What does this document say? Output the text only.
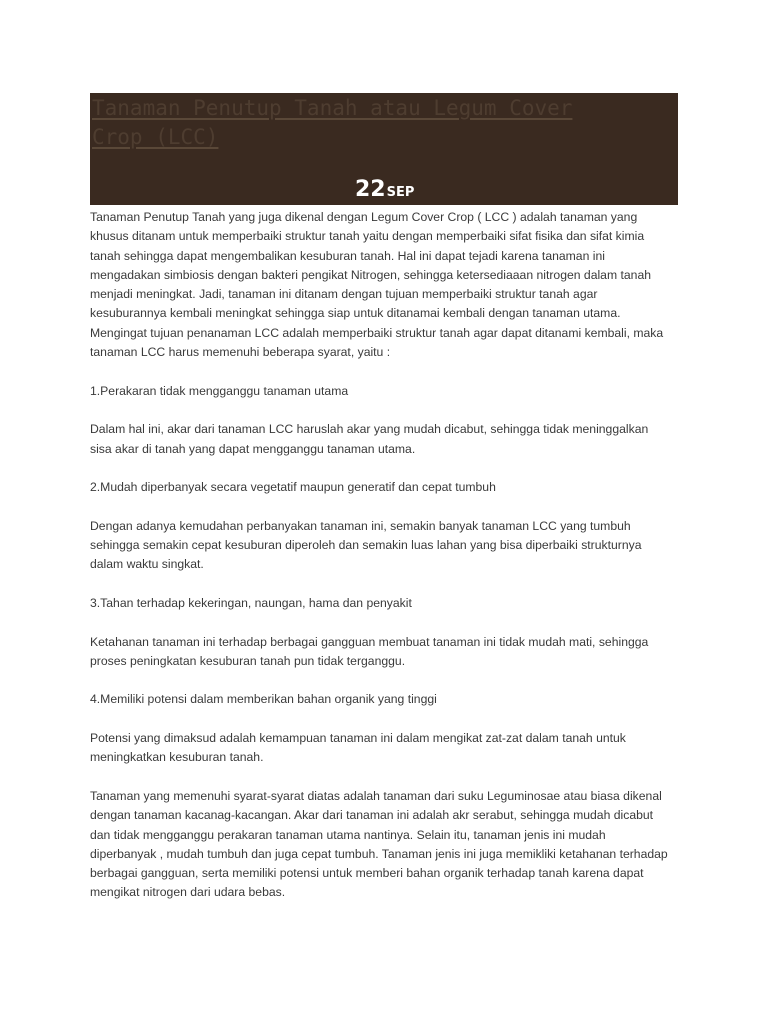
Tanaman Penutup Tanah atau Legum Cover Crop (LCC)
22SEP

Tanaman Penutup Tanah yang juga dikenal dengan Legum Cover Crop ( LCC ) adalah tanaman yang khusus ditanam untuk memperbaiki struktur tanah yaitu dengan memperbaiki sifat fisika dan sifat kimia tanah sehingga dapat mengembalikan kesuburan tanah. Hal ini dapat tejadi karena tanaman ini mengadakan simbiosis dengan bakteri pengikat Nitrogen, sehingga ketersediaaan nitrogen dalam tanah menjadi meningkat. Jadi, tanaman ini ditanam dengan tujuan memperbaiki struktur tanah agar kesuburannya kembali meningkat sehingga siap untuk ditanamai kembali dengan tanaman utama. Mengingat tujuan penanaman LCC adalah memperbaiki struktur tanah agar dapat ditanami kembali, maka tanaman LCC harus memenuhi beberapa syarat, yaitu :

1.Perakaran tidak mengganggu tanaman utama

Dalam hal ini, akar dari tanaman LCC haruslah akar yang mudah dicabut, sehingga tidak meninggalkan sisa akar di tanah yang dapat mengganggu tanaman utama.

2.Mudah diperbanyak secara vegetatif maupun generatif dan cepat tumbuh

Dengan adanya kemudahan perbanyakan tanaman ini, semakin banyak tanaman LCC yang tumbuh sehingga semakin cepat kesuburan diperoleh dan semakin luas lahan yang bisa diperbaiki strukturnya dalam waktu singkat.

3.Tahan terhadap kekeringan, naungan, hama dan penyakit

Ketahanan tanaman ini terhadap berbagai gangguan membuat tanaman ini tidak mudah mati, sehingga proses peningkatan kesuburan tanah pun tidak terganggu.

4.Memiliki potensi dalam memberikan bahan organik yang tinggi

Potensi yang dimaksud adalah kemampuan tanaman ini dalam mengikat zat-zat dalam tanah untuk meningkatkan kesuburan tanah.

Tanaman yang memenuhi syarat-syarat diatas adalah tanaman dari suku Leguminosae atau biasa dikenal dengan tanaman kacanag-kacangan. Akar dari tanaman ini adalah akr serabut, sehingga mudah dicabut dan tidak mengganggu perakaran tanaman utama nantinya. Selain itu, tanaman jenis ini mudah diperbanyak , mudah tumbuh dan juga cepat tumbuh. Tanaman jenis ini juga memikliki ketahanan terhadap berbagai gangguan, serta memiliki potensi untuk memberi bahan organik terhadap tanah karena dapat mengikat nitrogen dari udara bebas.
